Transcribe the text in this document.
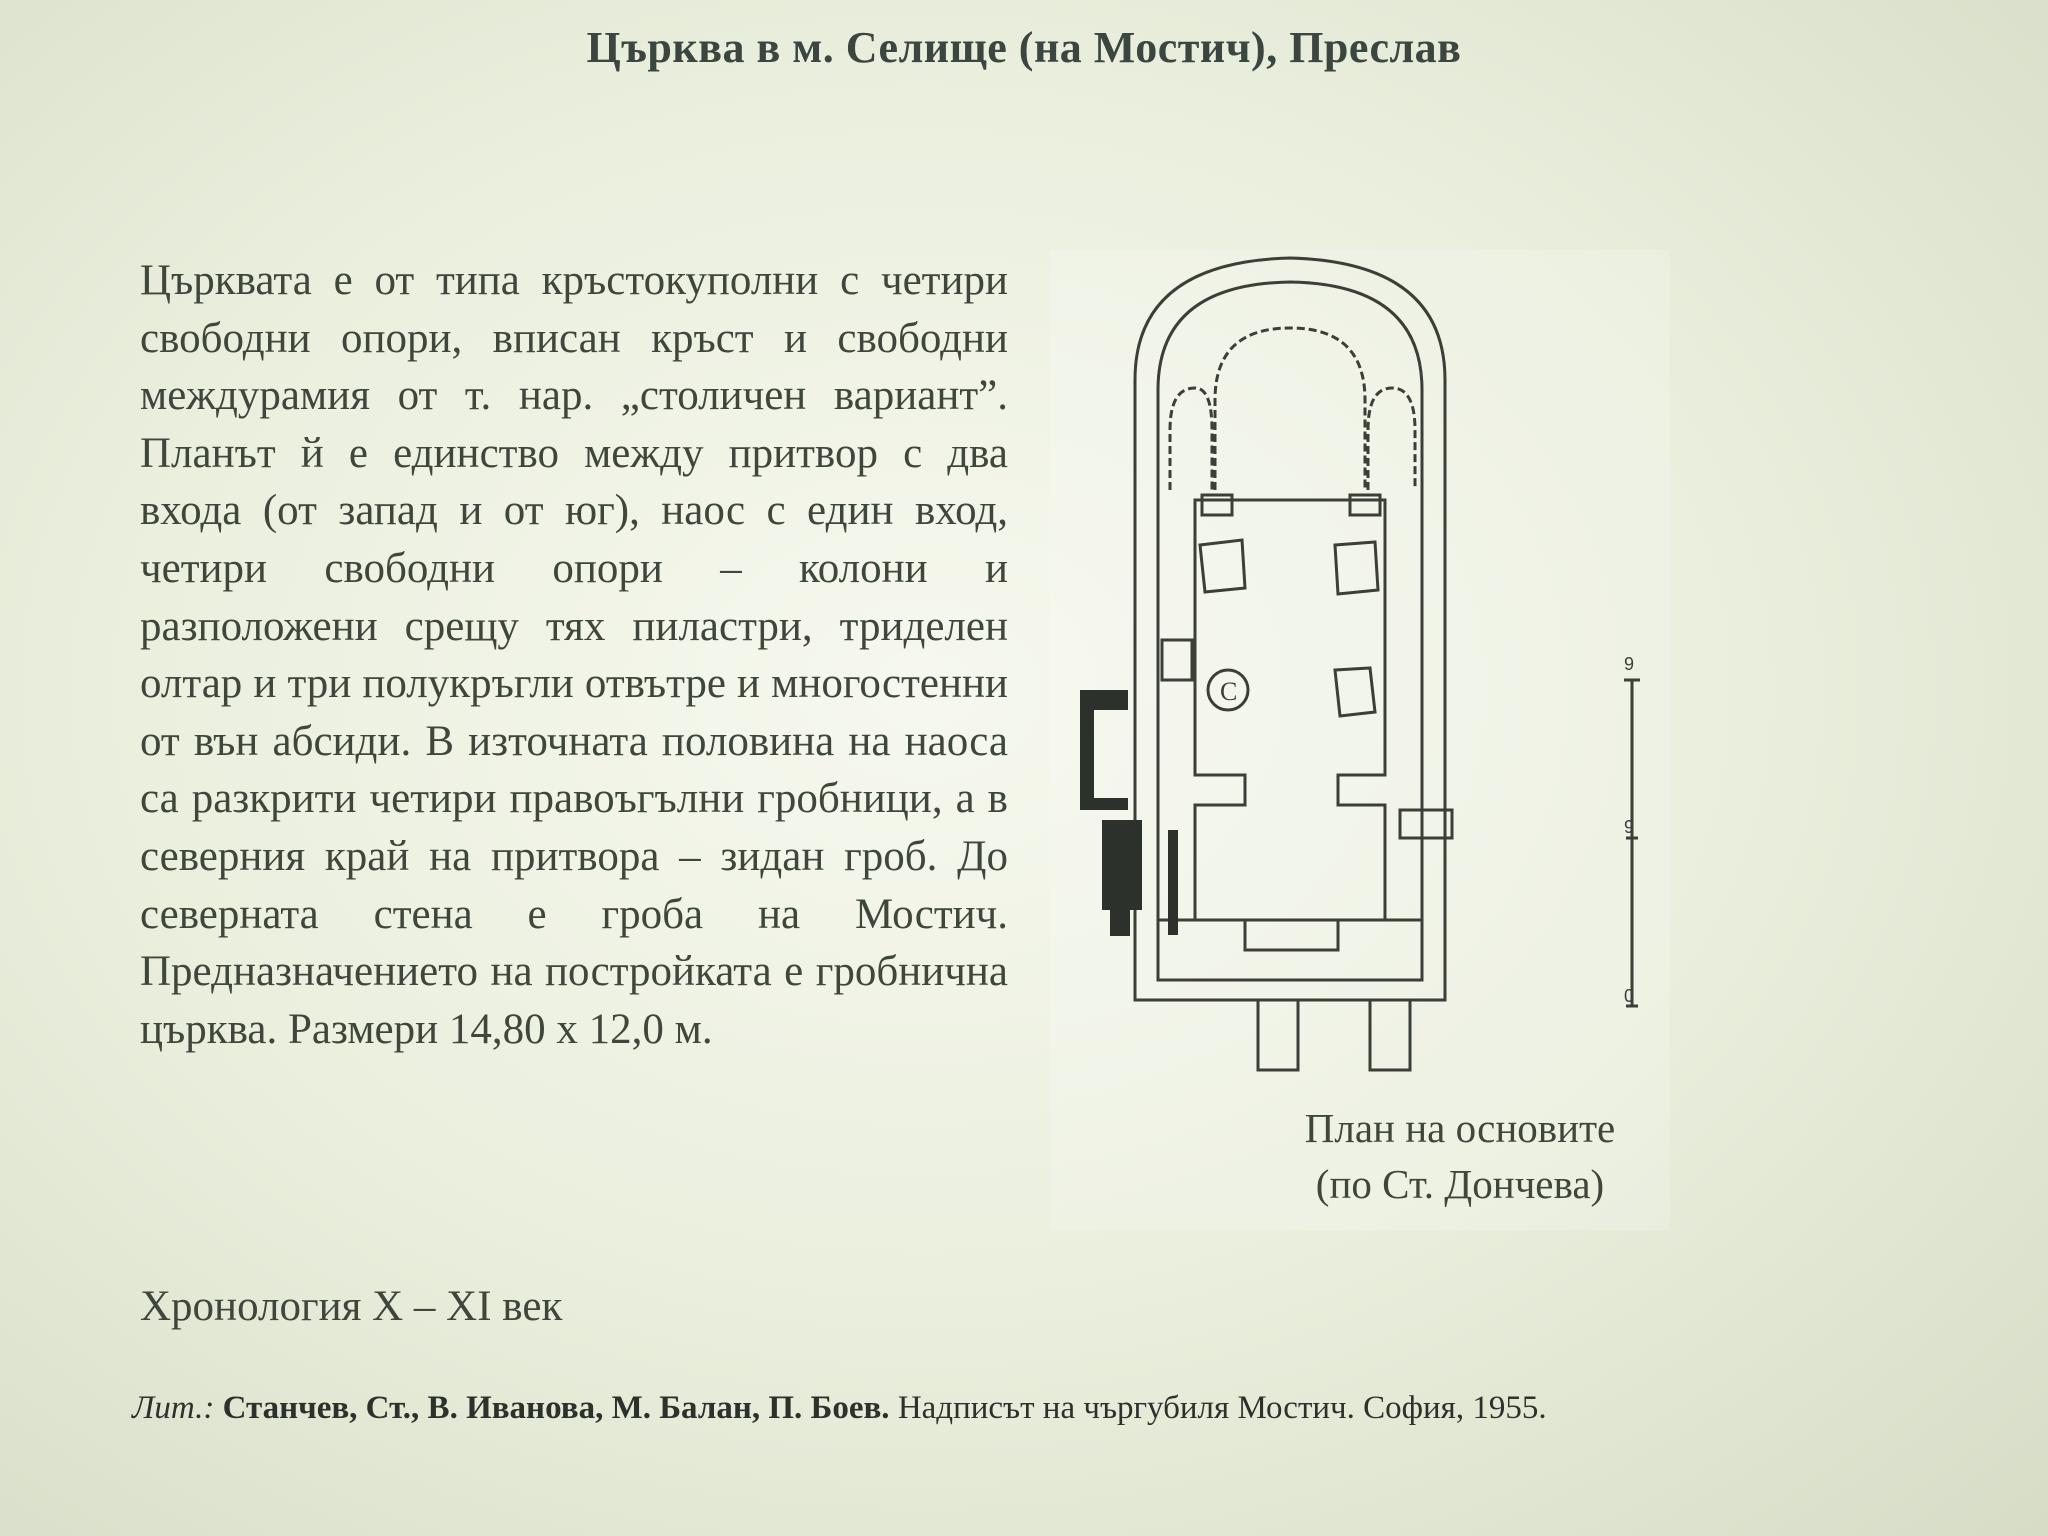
Църква в м. Селище (на Мостич), Преслав

Църквата е от типа кръстокуполни с четири свободни опори, вписан кръст и свободни междурамия от т. нар. „столичен вариант”. Планът й е единство между притвор с два входа (от запад и от юг), наос с един вход, четири свободни опори – колони и разположени срещу тях пиластри, триделен олтар и три полукръгли отвътре и многостенни от вън абсиди. В източната половина на наоса са разкрити четири правоъгълни гробници, а в северния край на притвора – зидан гроб. До северната стена е гроба на Мостич. Предназначението на постройката е гробнична църква. Размери 14,80 х 12,0 м.

Хронология X – XI век

C
9
9
0

План на основите
(по Ст. Дончева)

Лит.: Станчев, Ст., В. Иванова, М. Балан, П. Боев. Надписът на чъргубиля Мостич. София, 1955.
